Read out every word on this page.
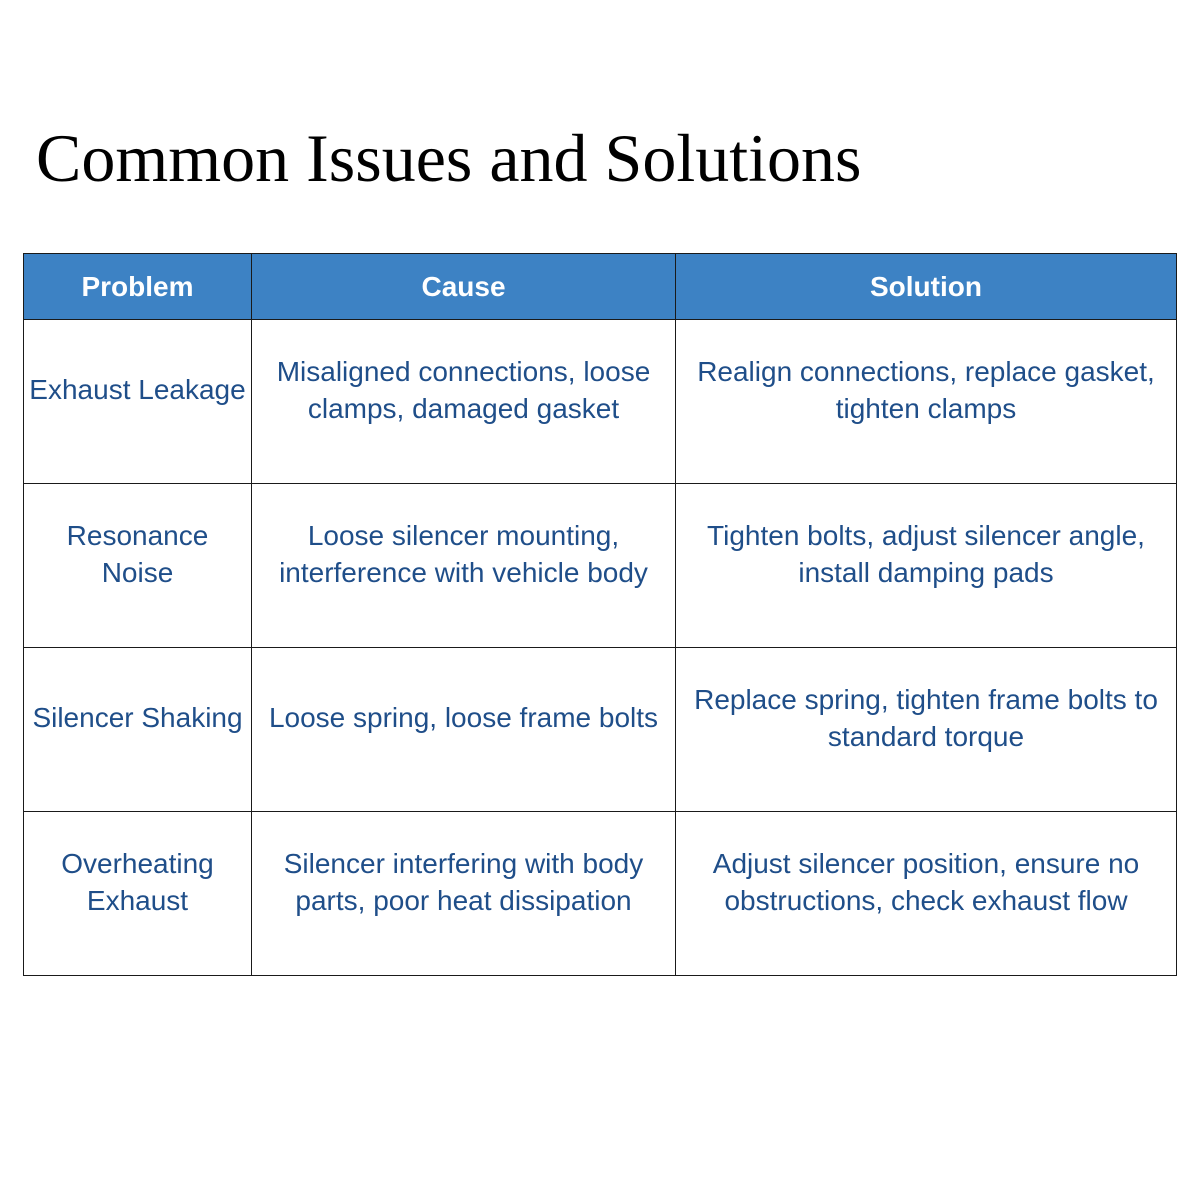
Common Issues and Solutions
Problem	Cause	Solution
Exhaust Leakage	Misaligned connections, loose clamps, damaged gasket	Realign connections, replace gasket, tighten clamps
Resonance Noise	Loose silencer mounting, interference with vehicle body	Tighten bolts, adjust silencer angle, install damping pads
Silencer Shaking	Loose spring, loose frame bolts	Replace spring, tighten frame bolts to standard torque
Overheating Exhaust	Silencer interfering with body parts, poor heat dissipation	Adjust silencer position, ensure no obstructions, check exhaust flow
